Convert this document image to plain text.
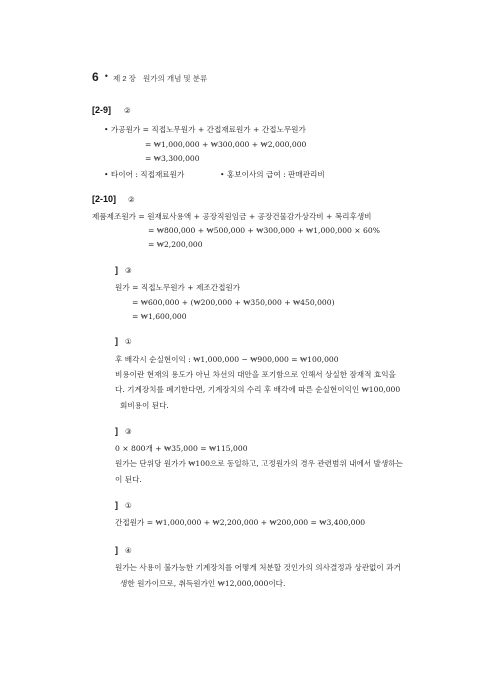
6 • 제 2 장 원가의 개념 및 분류
[2-9] ②
• 가공원가 = 직접노무원가 + 간접재료원가 + 간접노무원가
= ₩1,000,000 + ₩300,000 + ₩2,000,000
= ₩3,300,000
• 타이어 : 직접재료원가	• 홍보이사의 급여 : 판매관리비
[2-10] ②
제품제조원가 = 원재료사용액 + 공장직원임금 + 공장건물감가상각비 + 복리후생비
= ₩800,000 + ₩500,000 + ₩300,000 + ₩1,000,000 × 60%
= ₩2,200,000
] ③
원가 = 직접노무원가 + 제조간접원가
= ₩600,000 + (₩200,000 + ₩350,000 + ₩450,000)
= ₩1,600,000
] ①
후 배각시 순실현이익 : ₩1,000,000 − ₩900,000 = ₩100,000
비용이란 현재의 용도가 아닌 차선의 대안을 포기함으로 인해서 상실한 잠재적 효익을
다. 기계장치를 폐기한다면, 기계장치의 수리 후 배각에 따른 순실현이익인 ₩100,000
회비용이 된다.
] ③
0 × 800개 + ₩35,000 = ₩115,000
원가는 단위당 원가가 ₩100으로 동일하고, 고정원가의 경우 관련범위 내에서 발생하는
이 된다.
] ①
간접원가 = ₩1,000,000 + ₩2,200,000 + ₩200,000 = ₩3,400,000
] ④
원가는 사용이 불가능한 기계장치를 어떻게 처분할 것인가의 의사결정과 상관없이 과거
생한 원가이므로, 취득원가인 ₩12,000,000이다.
